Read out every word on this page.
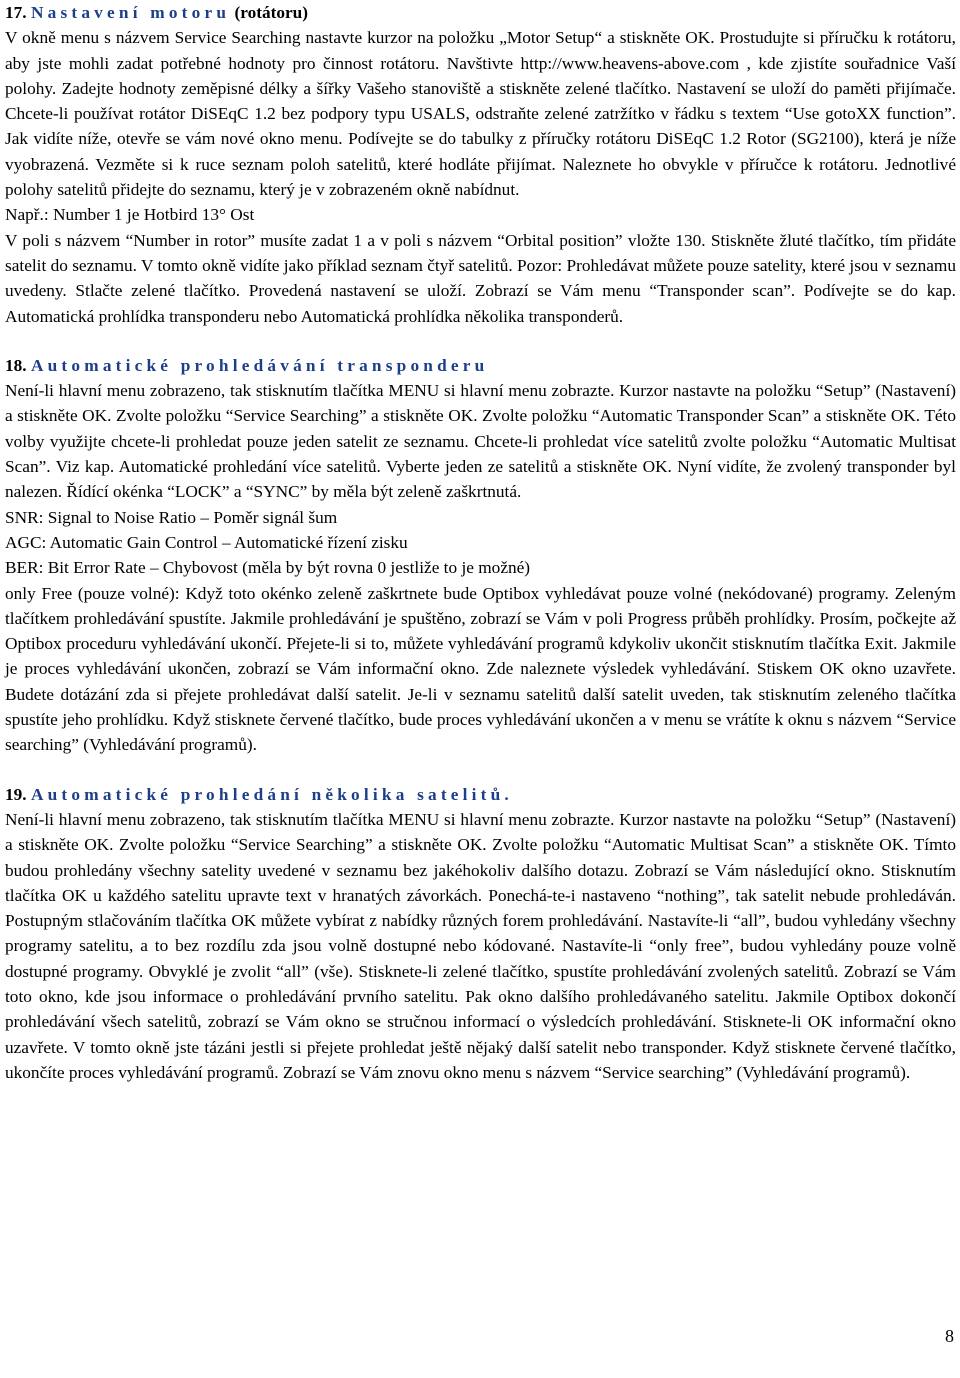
17. Nastavení motoru (rotátoru)

V okně menu s názvem Service Searching nastavte kurzor na položku „Motor Setup“ a stiskněte OK. Prostudujte si příručku k rotátoru, aby jste mohli zadat potřebné hodnoty pro činnost rotátoru. Navštivte http://www.heavens-above.com , kde zjistíte souřadnice Vaší polohy. Zadejte hodnoty zeměpisné délky a šířky Vašeho stanoviště a stiskněte zelené tlačítko. Nastavení se uloží do paměti přijímače. Chcete-li používat rotátor DiSEqC 1.2 bez podpory typu USALS, odstraňte zelené zatržítko v řádku s textem “Use gotoXX function”. Jak vidíte níže, otevře se vám nové okno menu. Podívejte se do tabulky z příručky rotátoru DiSEqC 1.2 Rotor (SG2100), která je níže vyobrazená. Vezměte si k ruce seznam poloh satelitů, které hodláte přijímat. Naleznete ho obvykle v příručce k rotátoru. Jednotlivé polohy satelitů přidejte do seznamu, který je v zobrazeném okně nabídnut.

Např.: Number 1 je Hotbird 13° Ost

V poli s názvem “Number in rotor” musíte zadat 1 a v poli s názvem “Orbital position” vložte 130. Stiskněte žluté tlačítko, tím přidáte satelit do seznamu. V tomto okně vidíte jako příklad seznam čtyř satelitů. Pozor: Prohledávat můžete pouze satelity, které jsou v seznamu uvedeny. Stlačte zelené tlačítko. Provedená nastavení se uloží. Zobrazí se Vám menu “Transponder scan”. Podívejte se do kap. Automatická prohlídka transponderu nebo Automatická prohlídka několika transponderů.

18. Automatické prohledávání transponderu

Není-li hlavní menu zobrazeno, tak stisknutím tlačítka MENU si hlavní menu zobrazte. Kurzor nastavte na položku “Setup” (Nastavení) a stiskněte OK. Zvolte položku “Service Searching” a stiskněte OK. Zvolte položku “Automatic Transponder Scan” a stiskněte OK. Této volby využijte chcete-li prohledat pouze jeden satelit ze seznamu. Chcete-li prohledat více satelitů zvolte položku “Automatic Multisat Scan”. Viz kap. Automatické prohledání více satelitů. Vyberte jeden ze satelitů a stiskněte OK. Nyní vidíte, že zvolený transponder byl nalezen. Řídící okénka “LOCK” a “SYNC” by měla být zeleně zaškrtnutá.

SNR: Signal to Noise Ratio – Poměr signál šum

AGC: Automatic Gain Control – Automatické řízení zisku

BER: Bit Error Rate – Chybovost (měla by být rovna 0 jestliže to je možné)

only Free (pouze volné): Když toto okénko zeleně zaškrtnete bude Optibox vyhledávat pouze volné (nekódované) programy. Zeleným tlačítkem prohledávání spustíte. Jakmile prohledávání je spuštěno, zobrazí se Vám v poli Progress průběh prohlídky. Prosím, počkejte až Optibox proceduru vyhledávání ukončí. Přejete-li si to, můžete vyhledávání programů kdykoliv ukončit stisknutím tlačítka Exit. Jakmile je proces vyhledávání ukončen, zobrazí se Vám informační okno. Zde naleznete výsledek vyhledávání. Stiskem OK okno uzavřete. Budete dotázání zda si přejete prohledávat další satelit. Je-li v seznamu satelitů další satelit uveden, tak stisknutím zeleného tlačítka spustíte jeho prohlídku. Když stisknete červené tlačítko, bude proces vyhledávání ukončen a v menu se vrátíte k oknu s názvem “Service searching” (Vyhledávání programů).

19. Automatické prohledání několika satelitů.

Není-li hlavní menu zobrazeno, tak stisknutím tlačítka MENU si hlavní menu zobrazte. Kurzor nastavte na položku “Setup” (Nastavení) a stiskněte OK. Zvolte položku “Service Searching” a stiskněte OK. Zvolte položku “Automatic Multisat Scan” a stiskněte OK. Tímto budou prohledány všechny satelity uvedené v seznamu bez jakéhokoliv dalšího dotazu. Zobrazí se Vám následující okno. Stisknutím tlačítka OK u každého satelitu upravte text v hranatých závorkách. Ponechá-te-i nastaveno “nothing”, tak satelit nebude prohledáván. Postupným stlačováním tlačítka OK můžete vybírat z nabídky různých forem prohledávání. Nastavíte-li “all”, budou vyhledány všechny programy satelitu, a to bez rozdílu zda jsou volně dostupné nebo kódované. Nastavíte-li “only free”, budou vyhledány pouze volně dostupné programy. Obvyklé je zvolit “all” (vše). Stisknete-li zelené tlačítko, spustíte prohledávání zvolených satelitů. Zobrazí se Vám toto okno, kde jsou informace o prohledávání prvního satelitu. Pak okno dalšího prohledávaného satelitu. Jakmile Optibox dokončí prohledávání všech satelitů, zobrazí se Vám okno se stručnou informací o výsledcích prohledávání. Stisknete-li OK informační okno uzavřete. V tomto okně jste tázáni jestli si přejete prohledat ještě nějaký další satelit nebo transponder. Když stisknete červené tlačítko, ukončíte proces vyhledávání programů. Zobrazí se Vám znovu okno menu s názvem “Service searching” (Vyhledávání programů).

8
